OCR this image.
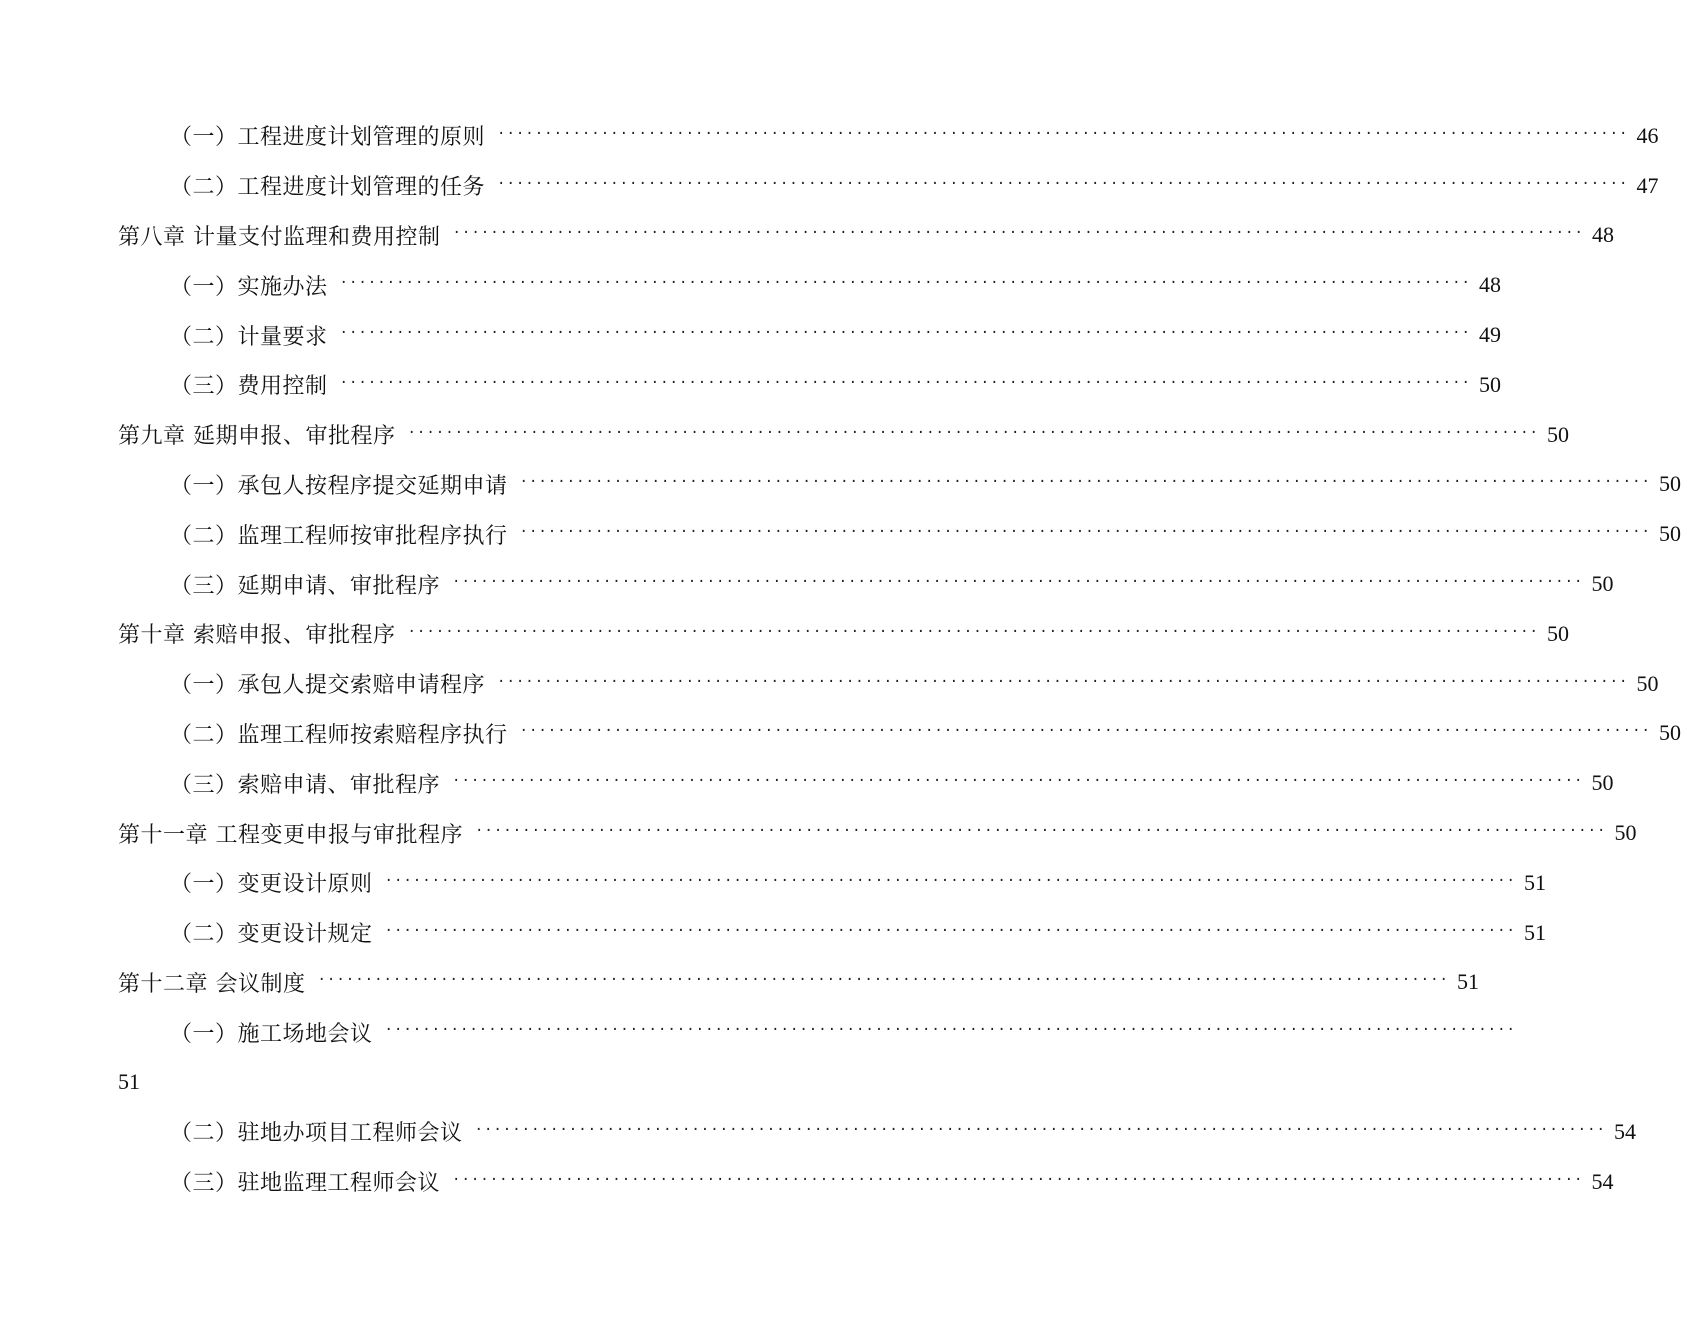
（一）工程进度计划管理的原则 ························································································································ 46
（二）工程进度计划管理的任务 ························································································································ 47
第八章 计量支付监理和费用控制 ························································································································ 48
（一）实施办法 ························································································································ 48
（二）计量要求 ························································································································ 49
（三）费用控制 ························································································································ 50
第九章 延期申报、审批程序 ························································································································ 50
（一）承包人按程序提交延期申请 ························································································································ 50
（二）监理工程师按审批程序执行 ························································································································ 50
（三）延期申请、审批程序 ························································································································ 50
第十章 索赔申报、审批程序 ························································································································ 50
（一）承包人提交索赔申请程序 ························································································································ 50
（二）监理工程师按索赔程序执行 ························································································································ 50
（三）索赔申请、审批程序 ························································································································ 50
第十一章 工程变更申报与审批程序 ························································································································ 50
（一）变更设计原则 ························································································································ 51
（二）变更设计规定 ························································································································ 51
第十二章 会议制度 ························································································································ 51
（一）施工场地会议 ························································································································
51
（二）驻地办项目工程师会议 ························································································································ 54
（三）驻地监理工程师会议 ························································································································ 54
